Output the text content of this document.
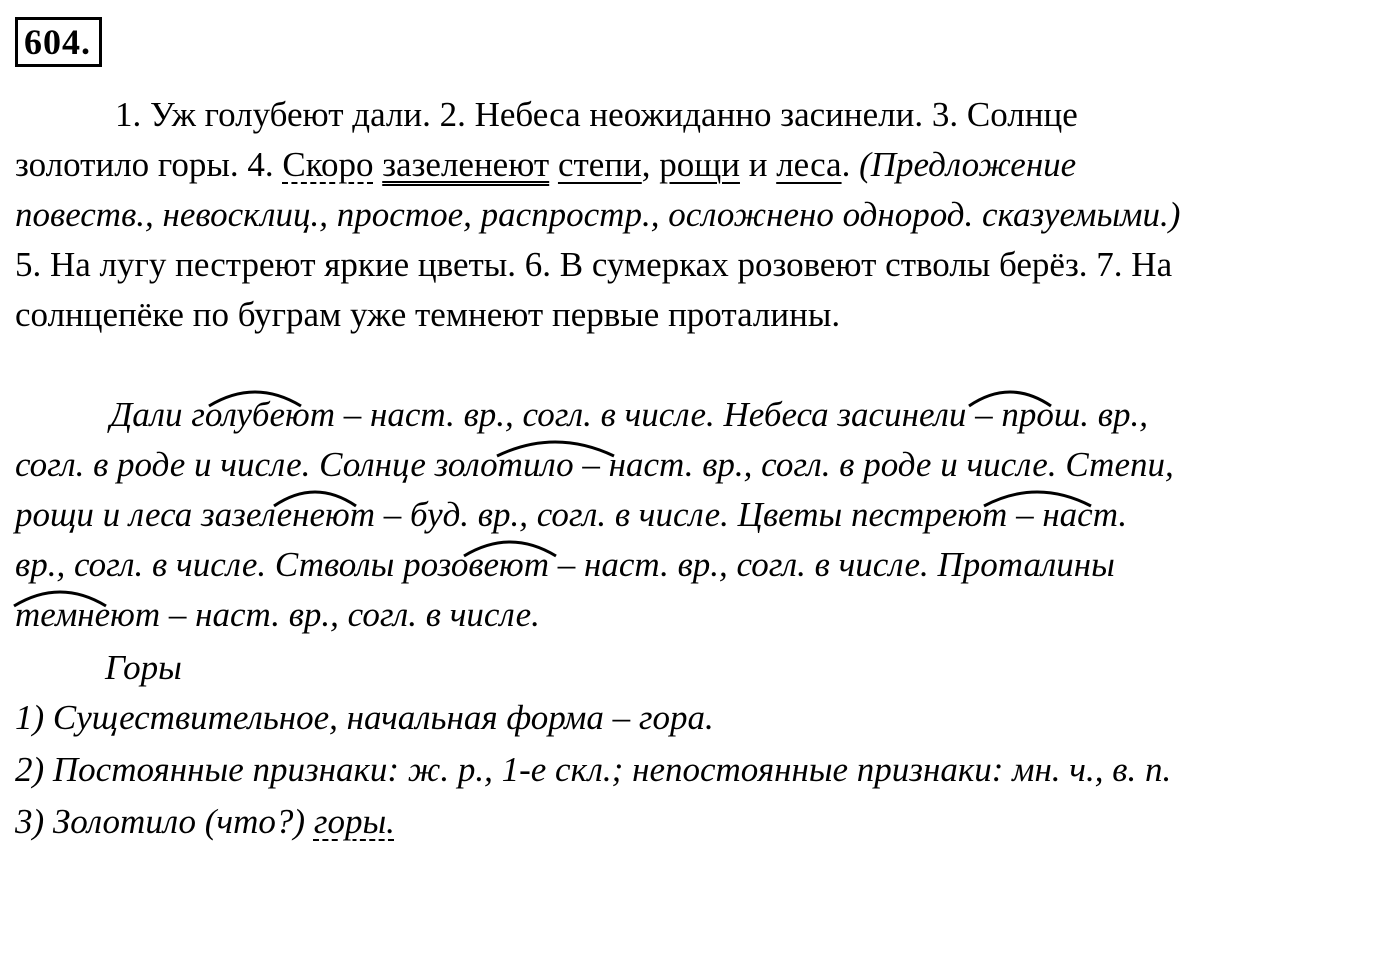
604.
1. Уж голубеют дали. 2. Небеса неожиданно засинели. 3. Солнце
золотило горы. 4. Скоро зазеленеют степи, рощи и леса. (Предложение
повеств., невосклиц., простое, распростр., осложнено однород. сказуемыми.)
5. На лугу пестреют яркие цветы. 6. В сумерках розовеют стволы берёз. 7. На
солнцепёке по буграм уже темнеют первые проталины.
Дали голубеют – наст. вр., согл. в числе. Небеса засинели – прош. вр.,
согл. в роде и числе. Солнце золотило – наст. вр., согл. в роде и числе. Степи,
рощи и леса зазеленеют – буд. вр., согл. в числе. Цветы пестреют – наст.
вр., согл. в числе. Стволы розовеют – наст. вр., согл. в числе. Проталины
темнеют – наст. вр., согл. в числе.
Горы
1) Существительное, начальная форма – гора.
2) Постоянные признаки: ж. р., 1-е скл.; непостоянные признаки: мн. ч., в. п.
3) Золотило (что?) горы.
